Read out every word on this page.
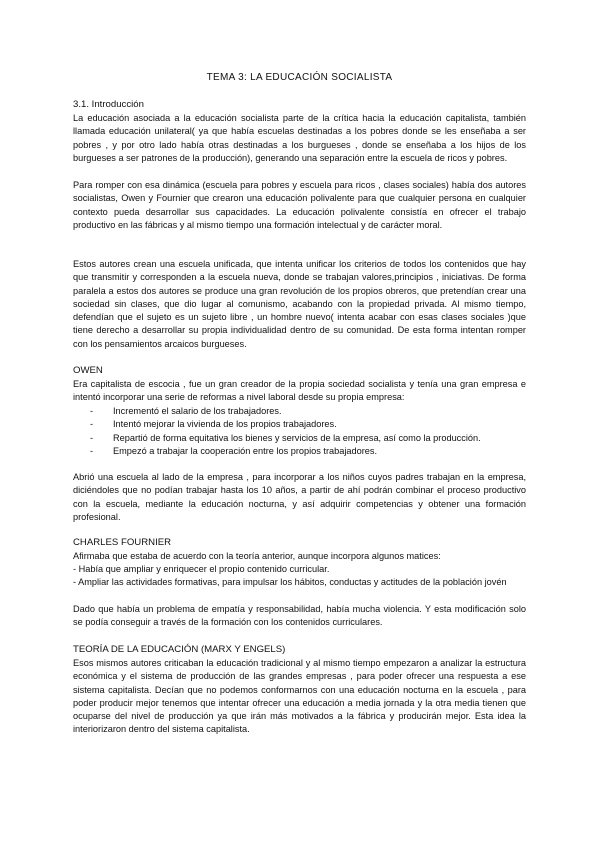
TEMA 3: LA EDUCACIÓN SOCIALISTA
3.1. Introducción

La educación asociada a la educación socialista parte de la crítica hacia la educación capitalista, también llamada educación unilateral( ya que había escuelas destinadas a los pobres donde se les enseñaba a ser pobres , y por otro lado había otras destinadas a los burgueses , donde se enseñaba a los hijos de los burgueses a ser patrones de la producción), generando una separación entre la escuela de ricos y pobres.

Para romper con esa dinámica (escuela para pobres y escuela para ricos , clases sociales) había dos autores socialistas, Owen y Fournier que crearon una educación polivalente para que cualquier persona en cualquier contexto pueda desarrollar sus capacidades. La educación polivalente consistía en ofrecer el trabajo productivo en las fábricas y al mismo tiempo una formación intelectual y de carácter moral.

Estos autores crean una escuela unificada, que intenta unificar los criterios de todos los contenidos que hay que transmitir y corresponden a la escuela nueva, donde se trabajan valores,principios , iniciativas. De forma paralela a estos dos autores se produce una gran revolución de los propios obreros, que pretendían crear una sociedad sin clases, que dio lugar al comunismo, acabando con la propiedad privada. Al mismo tiempo, defendían que el sujeto es un sujeto libre , un hombre nuevo( intenta acabar con esas clases sociales )que tiene derecho a desarrollar su propia individualidad dentro de su comunidad. De esta forma intentan romper con los pensamientos arcaicos burgueses.

OWEN

Era capitalista de escocia , fue un gran creador de la propia sociedad socialista y tenía una gran empresa e intentó incorporar una serie de reformas a nivel laboral desde su propia empresa:

- Incrementó el salario de los trabajadores.
- Intentó mejorar la vivienda de los propios trabajadores.
- Repartió de forma equitativa los bienes y servicios de la empresa, así como la producción.
- Empezó a trabajar la cooperación entre los propios trabajadores.

Abrió una escuela al lado de la empresa , para incorporar a los niños cuyos padres trabajan en la empresa, diciéndoles que no podían trabajar hasta los 10 años, a partir de ahí podrán combinar el proceso productivo con la escuela, mediante la educación nocturna, y así adquirir competencias y obtener una formación profesional.

CHARLES FOURNIER

Afirmaba que estaba de acuerdo con la teoría anterior, aunque incorpora algunos matices:

- Había que ampliar y enriquecer el propio contenido curricular.

- Ampliar las actividades formativas, para impulsar los hábitos, conductas y actitudes de la población jovén

Dado que había un problema de empatía y responsabilidad, había mucha violencia. Y esta modificación solo se podía conseguir a través de la formación con los contenidos curriculares.

TEORÍA DE LA EDUCACIÓN (MARX Y ENGELS)

Esos mismos autores criticaban la educación tradicional y al mismo tiempo empezaron a analizar la estructura económica y el sistema de producción de las grandes empresas , para poder ofrecer una respuesta a ese sistema capitalista. Decían que no podemos conformarnos con una educación nocturna en la escuela , para poder producir mejor tenemos que intentar ofrecer una educación a media jornada y la otra media tienen que ocuparse del nivel de producción ya que irán más motivados a la fábrica y producirán mejor. Esta idea la interiorizaron dentro del sistema capitalista.
